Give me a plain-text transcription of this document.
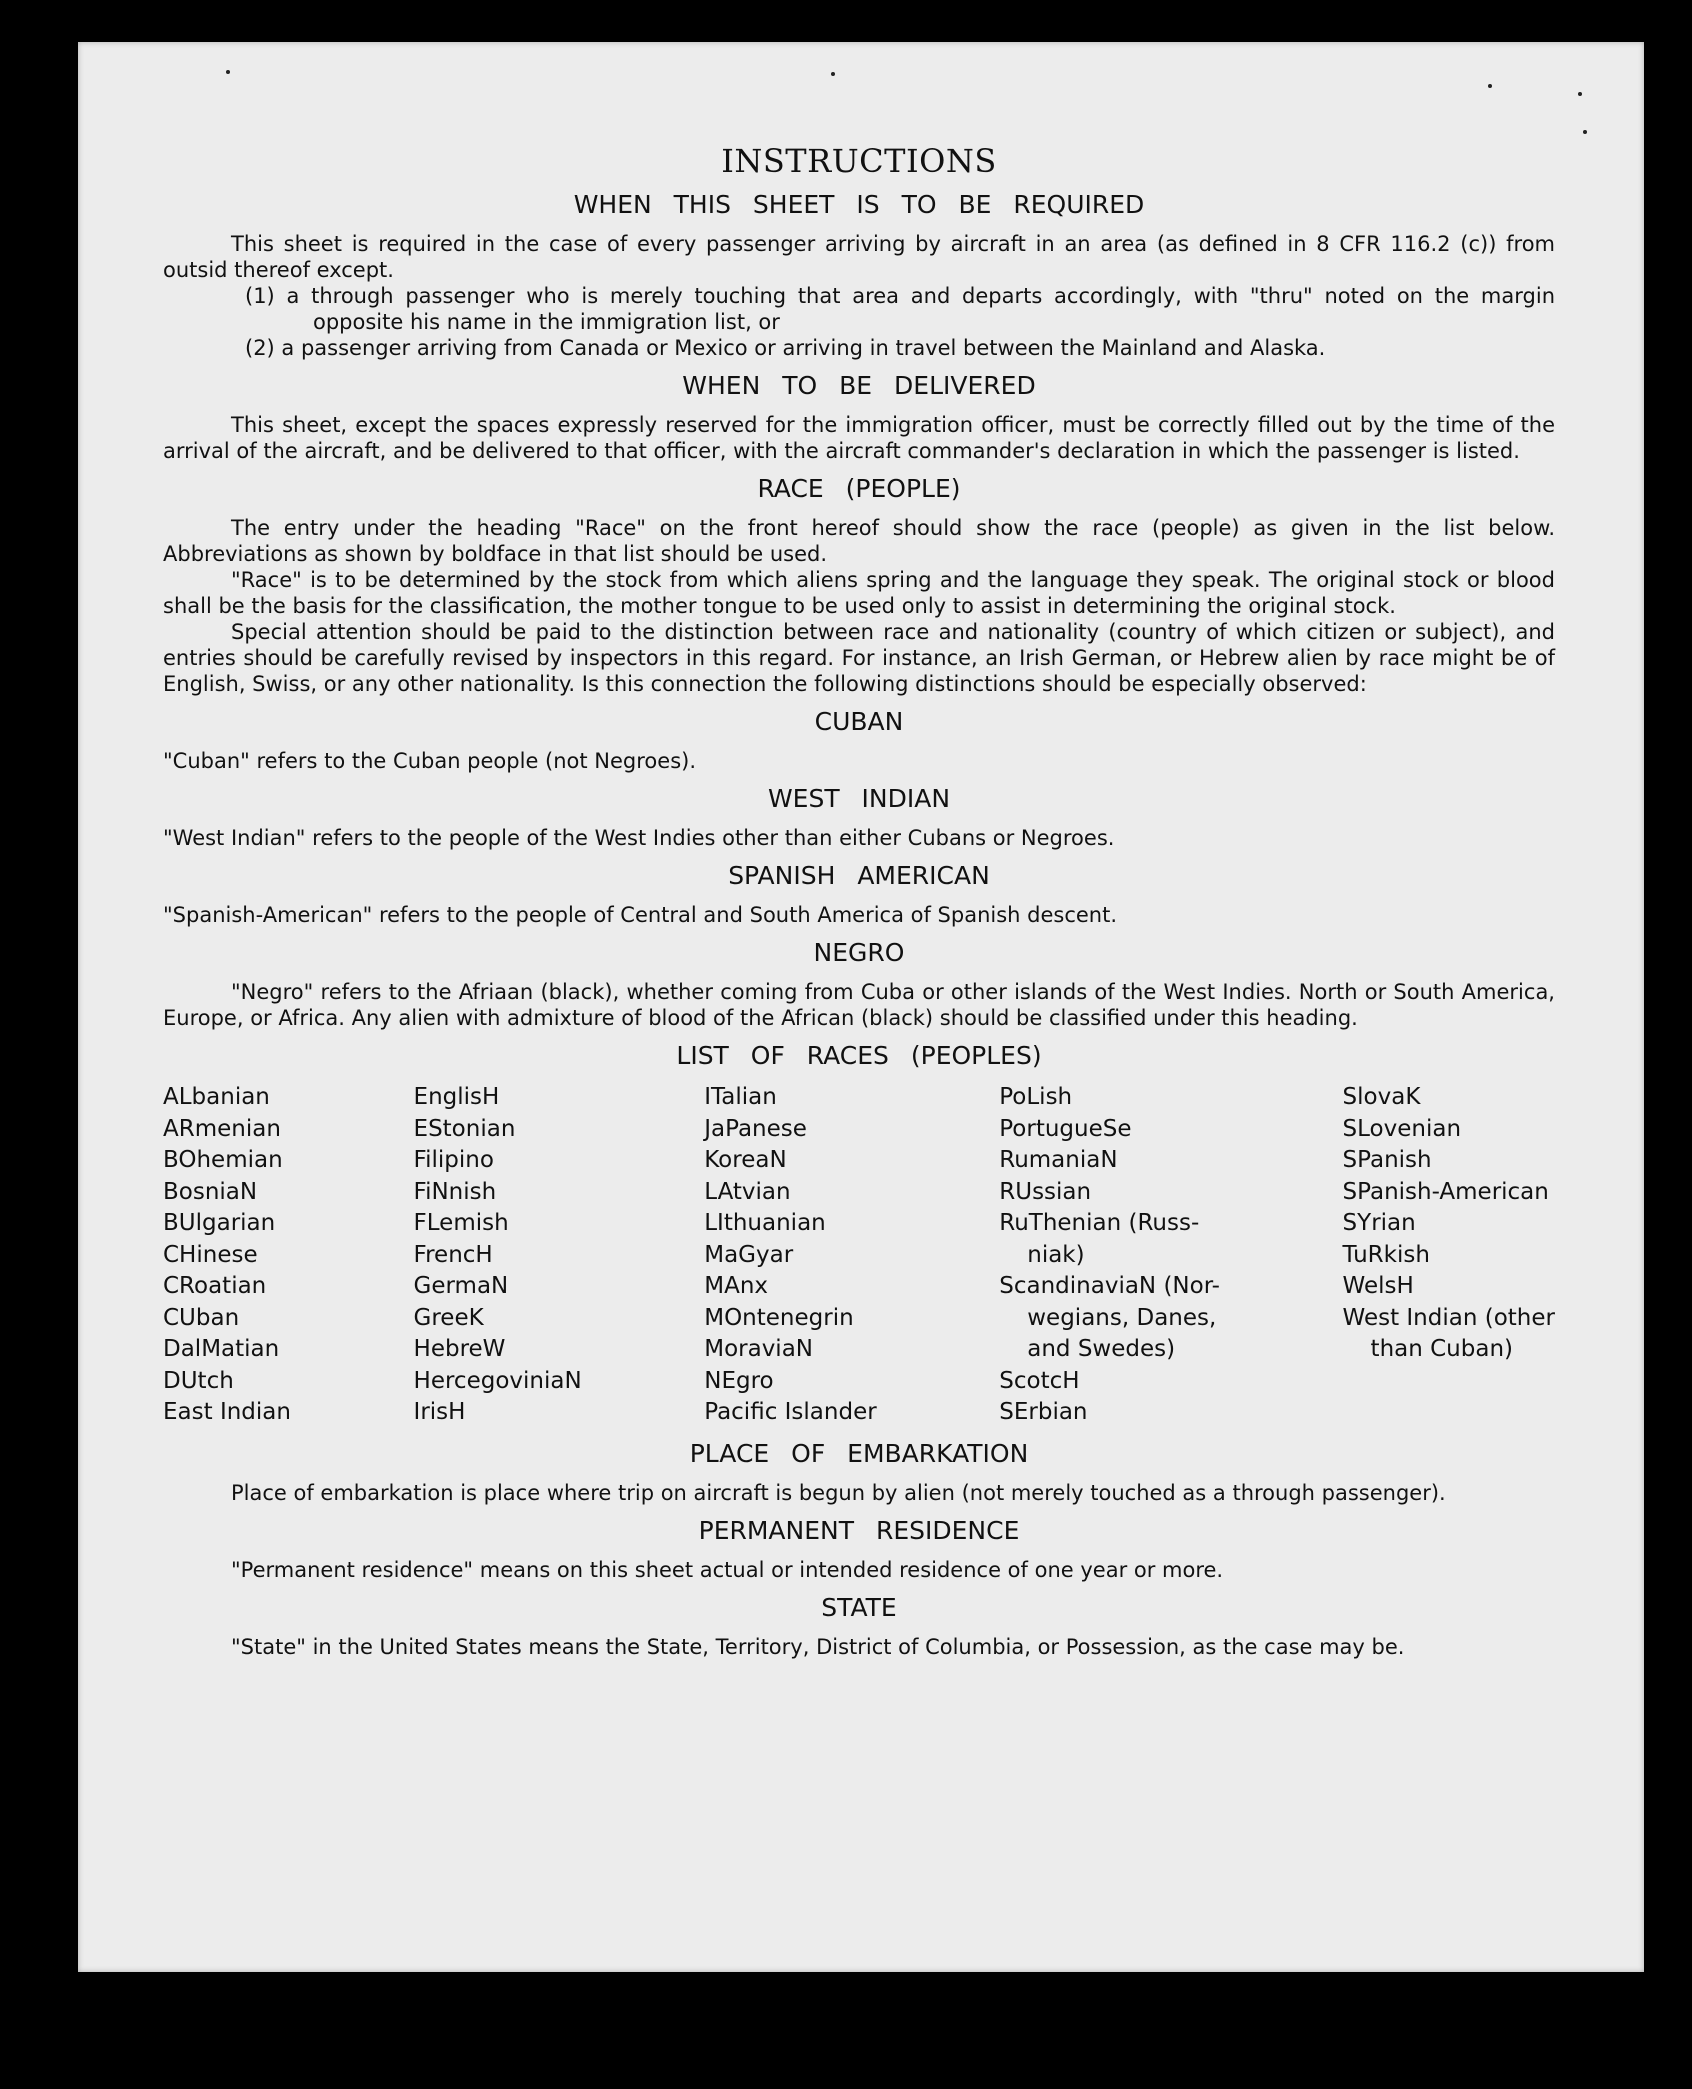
INSTRUCTIONS
WHEN THIS SHEET IS TO BE REQUIRED

This sheet is required in the case of every passenger arriving by aircraft in an area (as defined in 8 CFR 116.2 (c)) from outsid thereof except.

(1) a through passenger who is merely touching that area and departs accordingly, with "thru" noted on the margin opposite his name in the immigration list, or

(2) a passenger arriving from Canada or Mexico or arriving in travel between the Mainland and Alaska.

WHEN TO BE DELIVERED

This sheet, except the spaces expressly reserved for the immigration officer, must be correctly filled out by the time of the arrival of the aircraft, and be delivered to that officer, with the aircraft commander's declaration in which the passenger is listed.

RACE (PEOPLE)

The entry under the heading "Race" on the front hereof should show the race (people) as given in the list below. Abbreviations as shown by boldface in that list should be used.

"Race" is to be determined by the stock from which aliens spring and the language they speak. The original stock or blood shall be the basis for the classification, the mother tongue to be used only to assist in determining the original stock.

Special attention should be paid to the distinction between race and nationality (country of which citizen or subject), and entries should be carefully revised by inspectors in this regard. For instance, an Irish German, or Hebrew alien by race might be of English, Swiss, or any other nationality. Is this connection the following distinctions should be especially observed:

CUBAN

"Cuban" refers to the Cuban people (not Negroes).

WEST INDIAN

"West Indian" refers to the people of the West Indies other than either Cubans or Negroes.

SPANISH AMERICAN

"Spanish-American" refers to the people of Central and South America of Spanish descent.

NEGRO

"Negro" refers to the Afriaan (black), whether coming from Cuba or other islands of the West Indies. North or South America, Europe, or Africa. Any alien with admixture of blood of the African (black) should be classified under this heading.

LIST OF RACES (PEOPLES)
ALbanian
ARmenian
BOhemian
BosniaN
BUlgarian
CHinese
CRoatian
CUban
DalMatian
DUtch
East Indian
EnglisH
EStonian
Filipino
FiNnish
FLemish
FrencH
GermaN
GreeK
HebreW
HercegoviniaN
IrisH
ITalian
JaPanese
KoreaN
LAtvian
LIthuanian
MaGyar
MAnx
MOntenegrin
MoraviaN
NEgro
Pacific Islander
PoLish
PortugueSe
RumaniaN
RUssian
RuThenian (Russ-
niak)
ScandinaviaN (Nor-
wegians, Danes,
and Swedes)
ScotcH
SErbian
SlovaK
SLovenian
SPanish
SPanish-American
SYrian
TuRkish
WelsH
West Indian (other
than Cuban)
PLACE OF EMBARKATION

Place of embarkation is place where trip on aircraft is begun by alien (not merely touched as a through passenger).

PERMANENT RESIDENCE

"Permanent residence" means on this sheet actual or intended residence of one year or more.

STATE

"State" in the United States means the State, Territory, District of Columbia, or Possession, as the case may be.
